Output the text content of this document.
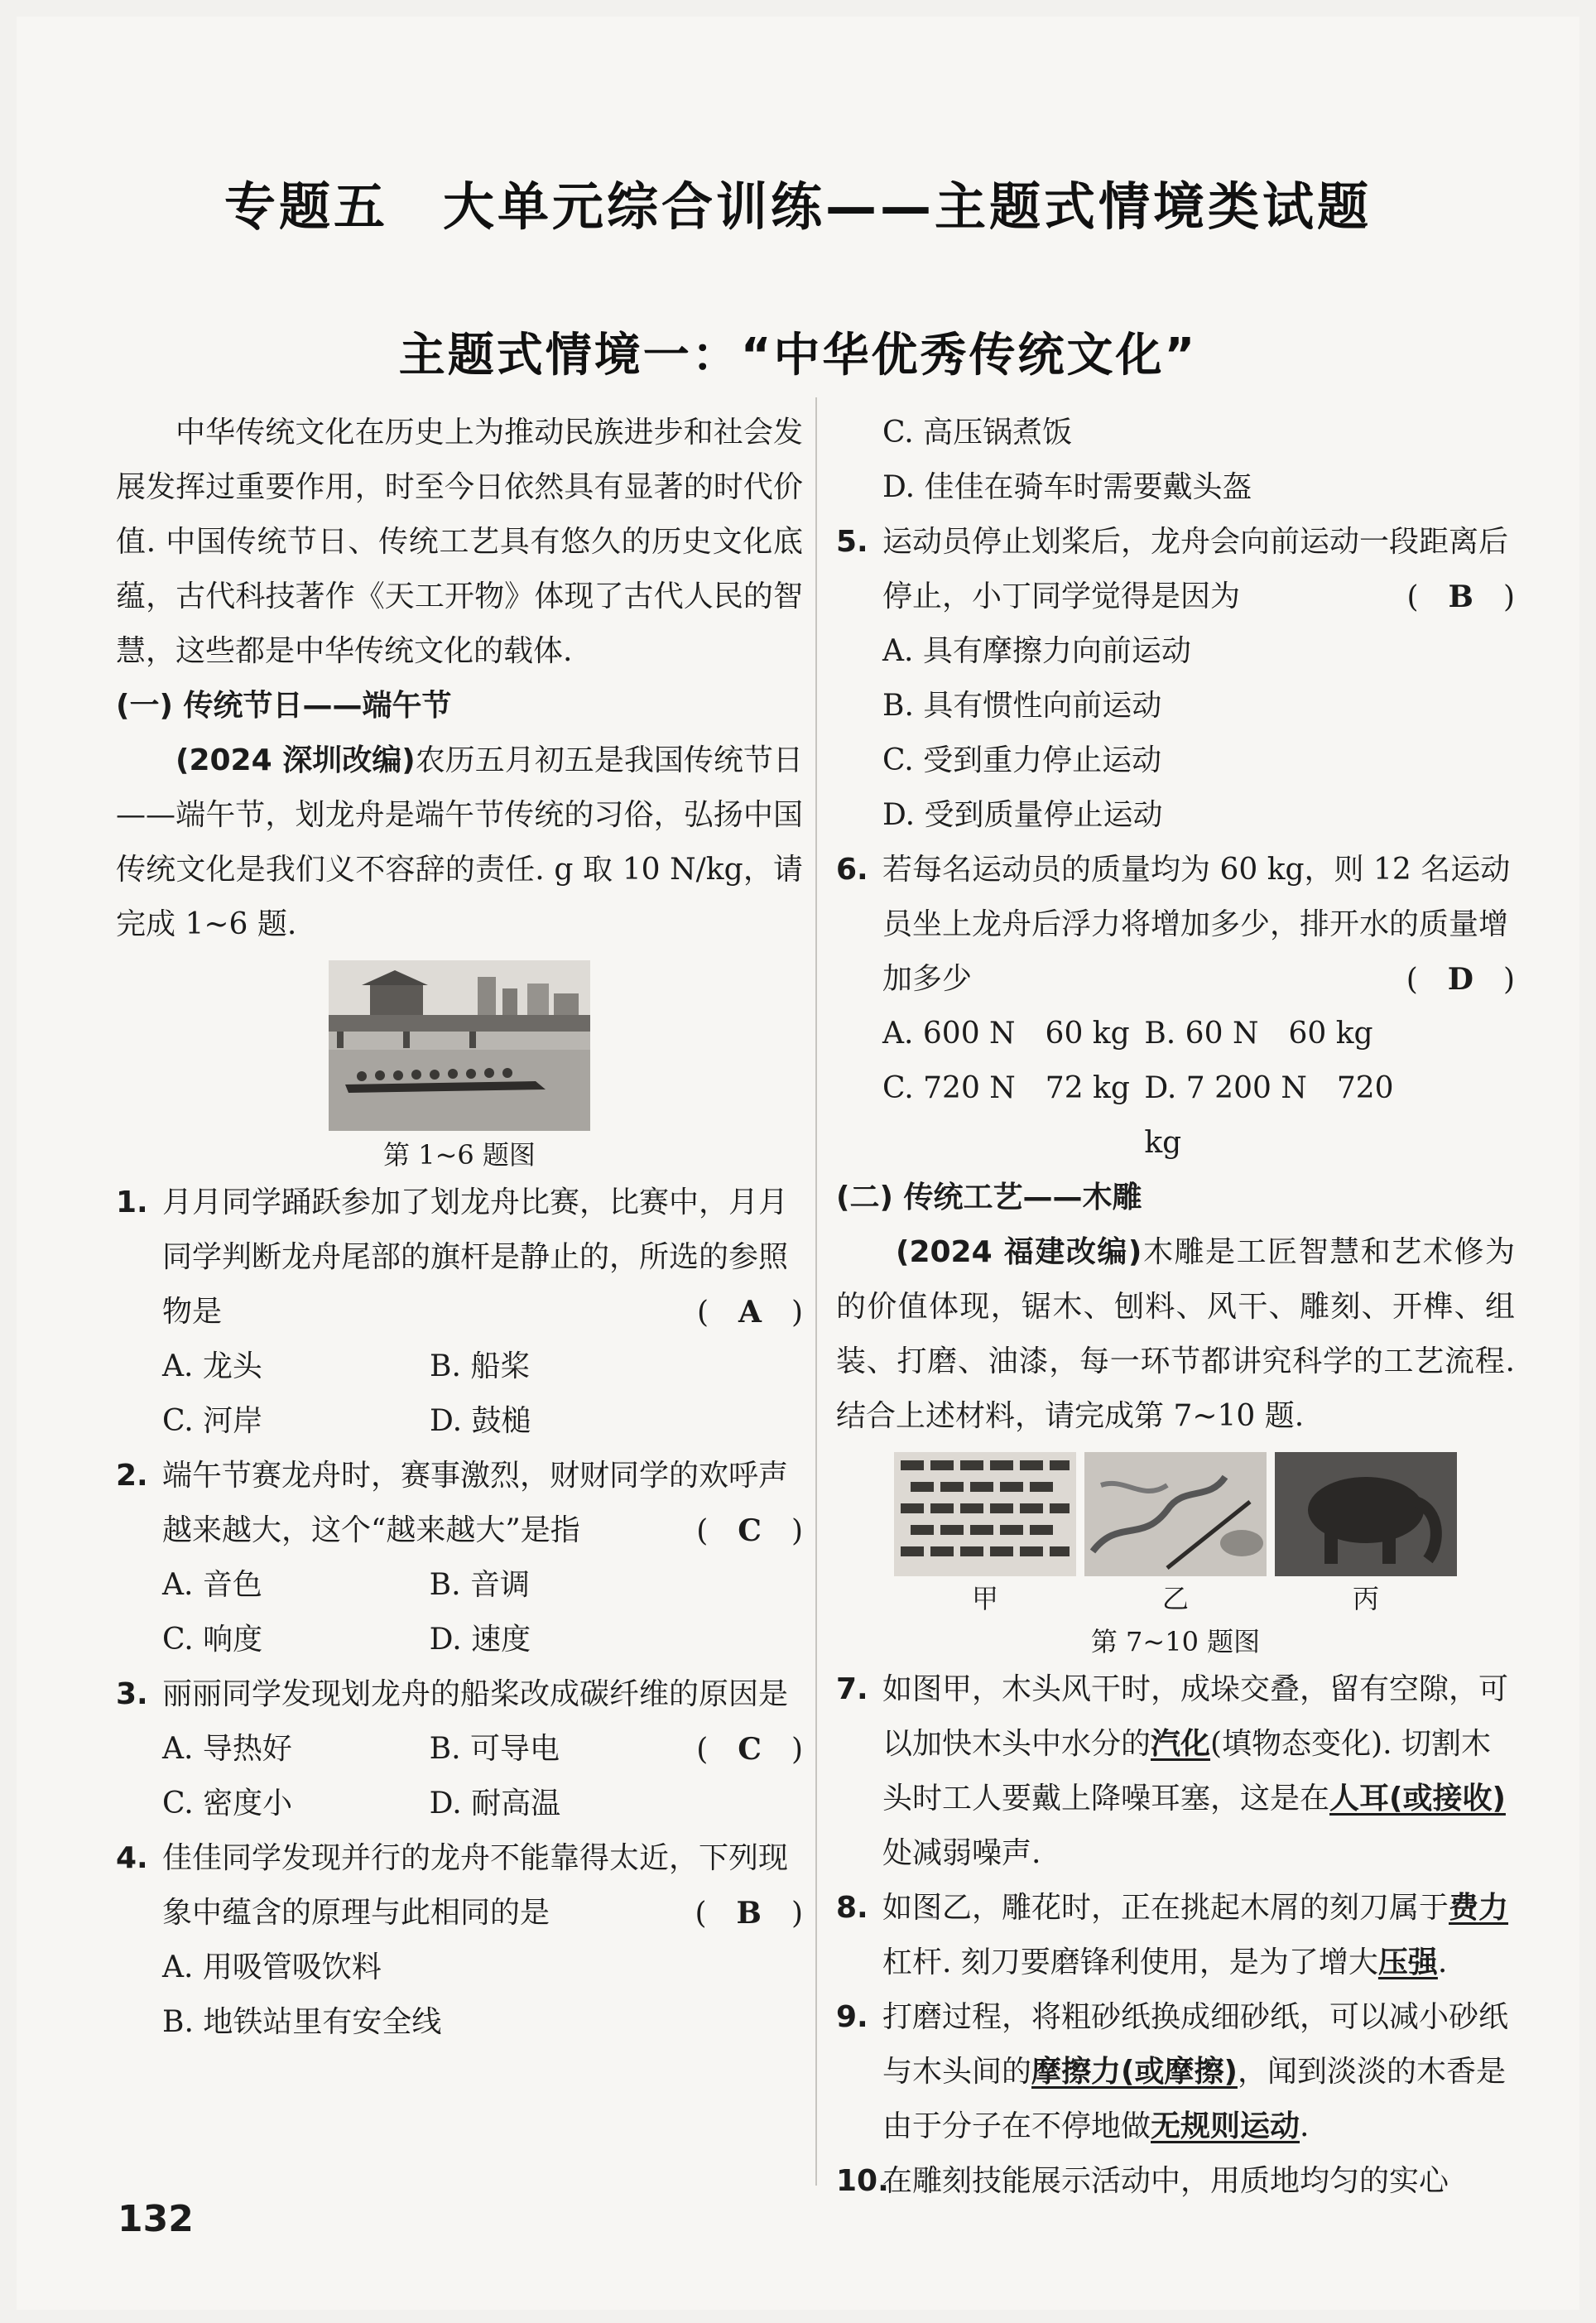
专题五　大单元综合训练——主题式情境类试题
主题式情境一：“中华优秀传统文化”

中华传统文化在历史上为推动民族进步和社会发展发挥过重要作用，时至今日依然具有显著的时代价值. 中国传统节日、传统工艺具有悠久的历史文化底蕴，古代科技著作《天工开物》体现了古代人民的智慧，这些都是中华传统文化的载体.

(一) 传统节日——端午节

(2024 深圳改编)农历五月初五是我国传统节日——端午节，划龙舟是端午节传统的习俗，弘扬中国传统文化是我们义不容辞的责任. g 取 10 N/kg，请完成 1~6 题.

第 1~6 题图
1. 月月同学踊跃参加了划龙舟比赛，比赛中，月月同学判断龙舟尾部的旗杆是静止的，所选的参照物是	(　A　)
A. 龙头	B. 船桨
C. 河岸	D. 鼓槌
2. 端午节赛龙舟时，赛事激烈，财财同学的欢呼声越来越大，这个“越来越大”是指	(　C　)
A. 音色	B. 音调
C. 响度	D. 速度
3. 丽丽同学发现划龙舟的船桨改成碳纤维的原因是
(　C　)
A. 导热好	B. 可导电
C. 密度小	D. 耐高温
4. 佳佳同学发现并行的龙舟不能靠得太近，下列现象中蕴含的原理与此相同的是	(　B　)

A. 用吸管吸饮料

B. 地铁站里有安全线

C. 高压锅煮饭

D. 佳佳在骑车时需要戴头盔

5. 运动员停止划桨后，龙舟会向前运动一段距离后停止，小丁同学觉得是因为	(　B　)

A. 具有摩擦力向前运动

B. 具有惯性向前运动

C. 受到重力停止运动

D. 受到质量停止运动

6. 若每名运动员的质量均为 60 kg，则 12 名运动员坐上龙舟后浮力将增加多少，排开水的质量增加多少	(　D　)
A. 600 N　60 kg B. 60 N　60 kg
C. 720 N　72 kg D. 7 200 N　720 kg

(二) 传统工艺——木雕

(2024 福建改编)木雕是工匠智慧和艺术修为的价值体现，锯木、刨料、风干、雕刻、开榫、组装、打磨、油漆，每一环节都讲究科学的工艺流程. 结合上述材料，请完成第 7~10 题.

甲	乙	丙
第 7~10 题图
7. 如图甲，木头风干时，成垛交叠，留有空隙，可以加快木头中水分的汽化(填物态变化). 切割木头时工人要戴上降噪耳塞，这是在人耳(或接收)处减弱噪声.
8. 如图乙，雕花时，正在挑起木屑的刻刀属于费力杠杆. 刻刀要磨锋利使用，是为了增大压强.
9. 打磨过程，将粗砂纸换成细砂纸，可以减小砂纸与木头间的摩擦力(或摩擦)，闻到淡淡的木香是由于分子在不停地做无规则运动.
10.
在雕刻技能展示活动中，用质地均匀的实心
132
